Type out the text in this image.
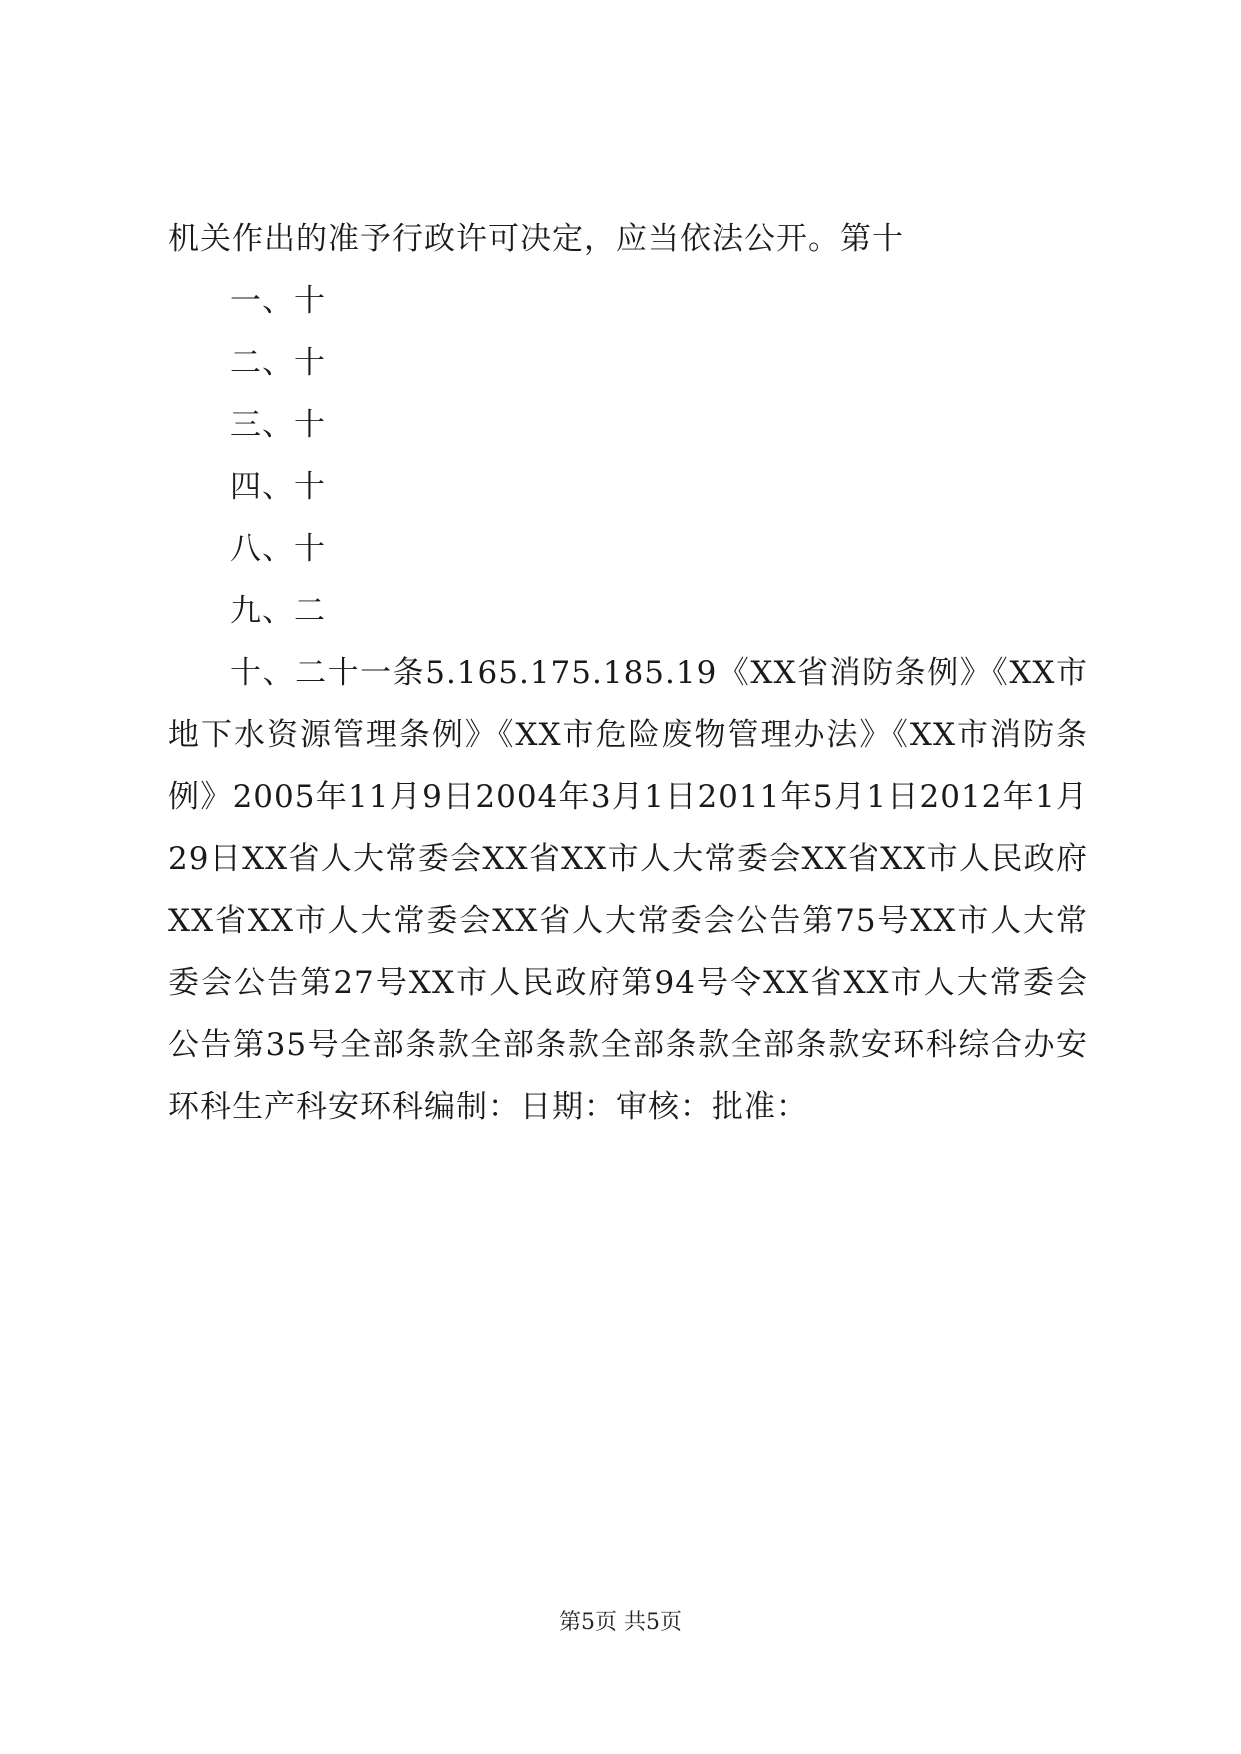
机关作出的准予行政许可决定，应当依法公开。第十
一、十
二、十
三、十
四、十
八、十
九、二
十、二十一条5.165.175.185.19《XX省消防条例》《XX市地下水资源管理条例》《XX市危险废物管理办法》《XX市消防条例》2005年11月9日2004年3月1日2011年5月1日2012年1月29日XX省人大常委会XX省XX市人大常委会XX省XX市人民政府XX省XX市人大常委会XX省人大常委会公告第75号XX市人大常委会公告第27号XX市人民政府第94号令XX省XX市人大常委会公告第35号全部条款全部条款全部条款全部条款安环科综合办安环科生产科安环科编制：日期：审核：批准：
第5页 共5页
